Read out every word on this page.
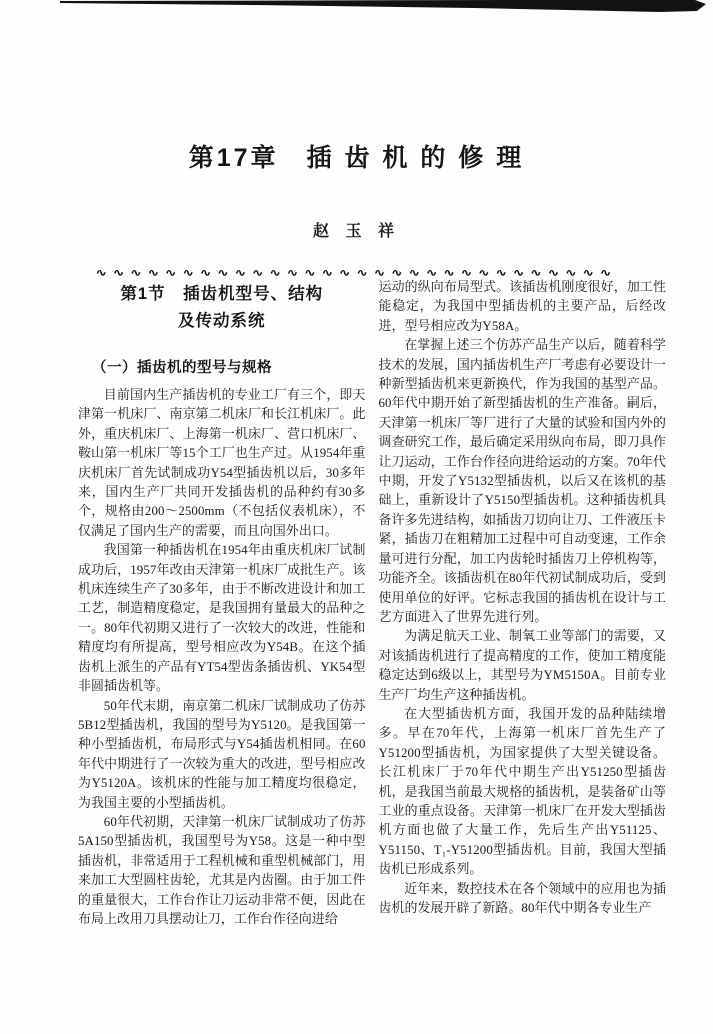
第17章　插 齿 机 的 修 理
赵 玉 祥
∿∿∿∿∿∿∿∿∿∿∿∿∿∿∿∿∿∿∿∿∿∿∿∿∿∿∿∿∿∿
第1节　插齿机型号、结构
及传动系统
（一）插齿机的型号与规格

目前国内生产插齿机的专业工厂有三个，即天津第一机床厂、南京第二机床厂和长江机床厂。此外，重庆机床厂、上海第一机床厂、营口机床厂、鞍山第一机床厂等15个工厂也生产过。从1954年重庆机床厂首先试制成功Y54型插齿机以后，30多年来，国内生产厂共同开发插齿机的品种约有30多个，规格由200～2500mm（不包括仪表机床），不仅满足了国内生产的需要，而且向国外出口。

我国第一种插齿机在1954年由重庆机床厂试制成功后，1957年改由天津第一机床厂成批生产。该机床连续生产了30多年，由于不断改进设计和加工工艺，制造精度稳定，是我国拥有量最大的品种之一。80年代初期又进行了一次较大的改进，性能和精度均有所提高，型号相应改为Y54B。在这个插齿机上派生的产品有YT54型齿条插齿机、YK54型非圆插齿机等。

50年代末期，南京第二机床厂试制成功了仿苏5B12型插齿机，我国的型号为Y5120。是我国第一种小型插齿机，布局形式与Y54插齿机相同。在60年代中期进行了一次较为重大的改进，型号相应改为Y5120A。该机床的性能与加工精度均很稳定，为我国主要的小型插齿机。

60年代初期，天津第一机床厂试制成功了仿苏5A150型插齿机，我国型号为Y58。这是一种中型插齿机，非常适用于工程机械和重型机械部门，用来加工大型圆柱齿轮，尤其是内齿圈。由于加工件的重量很大，工作台作让刀运动非常不便，因此在布局上改用刀具摆动让刀，工作台作径向进给

运动的纵向布局型式。该插齿机刚度很好，加工性能稳定，为我国中型插齿机的主要产品，后经改进，型号相应改为Y58A。

在掌握上述三个仿苏产品生产以后，随着科学技术的发展，国内插齿机生产厂考虑有必要设计一种新型插齿机来更新换代，作为我国的基型产品。60年代中期开始了新型插齿机的生产准备。嗣后，天津第一机床厂等厂进行了大量的试验和国内外的调查研究工作，最后确定采用纵向布局，即刀具作让刀运动，工作台作径向进给运动的方案。70年代中期，开发了Y5132型插齿机，以后又在该机的基础上，重新设计了Y5150型插齿机。这种插齿机具备许多先进结构，如插齿刀切向让刀、工件液压卡紧，插齿刀在粗精加工过程中可自动变速，工作余量可进行分配，加工内齿轮时插齿刀上停机构等，功能齐全。该插齿机在80年代初试制成功后，受到使用单位的好评。它标志我国的插齿机在设计与工艺方面进入了世界先进行列。

为满足航天工业、制氧工业等部门的需要，又对该插齿机进行了提高精度的工作，使加工精度能稳定达到6级以上，其型号为YM5150A。目前专业生产厂均生产这种插齿机。

在大型插齿机方面，我国开发的品种陆续增多。早在70年代，上海第一机床厂首先生产了Y51200型插齿机，为国家提供了大型关键设备。长江机床厂于70年代中期生产出Y51250型插齿机，是我国当前最大规格的插齿机，是装备矿山等工业的重点设备。天津第一机床厂在开发大型插齿机方面也做了大量工作，先后生产出Y51125、Y51150、T₁-Y51200型插齿机。目前，我国大型插齿机已形成系列。

近年来，数控技术在各个领域中的应用也为插齿机的发展开辟了新路。80年代中期各专业生产
